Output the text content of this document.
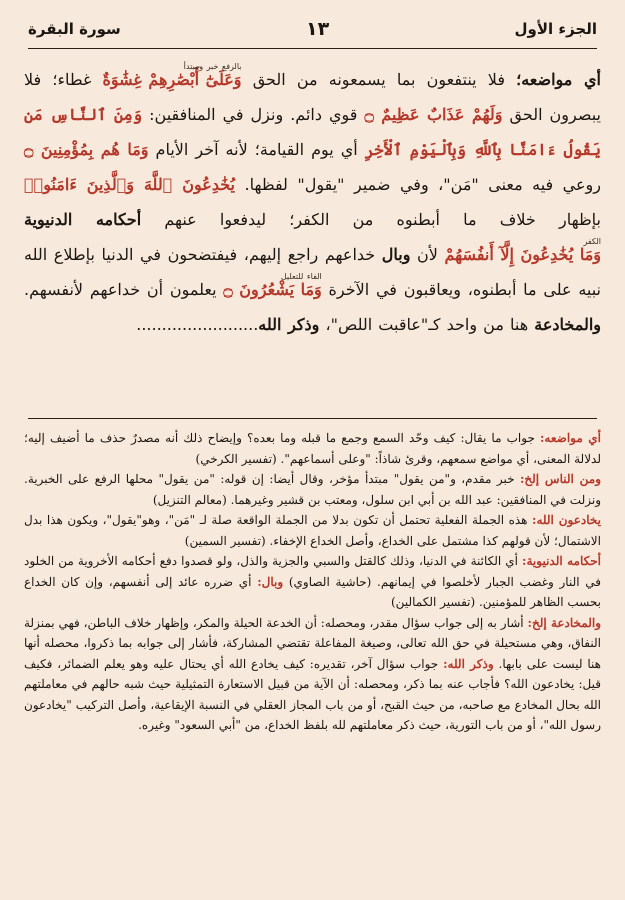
الجزء الأول
١٣
سورة البقرة

أي مواضعه؛ فلا ينتفعون بما يسمعونه من الحق
بالرفع خبر ومبتدأ
وَعَلَىٰٓ أَبْصَٰرِهِمْ غِشَٰوَةٌ غطاء؛ فلا يبصرون الحق وَلَهُمْ عَذَابٌ عَظِيمٌ ۝ قوي دائم. ونزل في المنافقين: وَمِنَ ٱلنَّاسِ مَن يَقُولُ ءَامَنَّا بِٱللَّهِ وَبِٱلْيَوْمِ ٱلْأَخِرِ أي يوم القيامة؛ لأنه آخر الأيام وَمَا هُم بِمُؤْمِنِينَ ۝ روعي فيه معنى "مَن"، وفي ضمير "يقول" لفظها. يُخَٰدِعُونَ ٱللَّهَ وَٱلَّذِينَ ءَامَنُوا۟ بإظهار خلاف ما أبطنوه من الكفر؛ ليدفعوا عنهم أحكامه الدنيوية
الكفر
وَمَا يُخَٰدِعُونَ إِلَّآ أَنفُسَهُمْ لأن وبال خداعهم راجع إليهم، فيفتضحون في الدنيا بإطلاع الله نبيه على ما أبطنوه، ويعاقبون في الآخرة
الفاء للتعليل
وَمَا يَشْعُرُونَ ۝ يعلمون أن خداعهم لأنفسهم. والمخادعة هنا من واحد كـ"عاقبت اللص"، وذكر الله........................

أي مواضعه: جواب ما يقال: كيف وحّد السمع وجمع ما قبله وما بعده؟ وإيضاح ذلك أنه مصدرٌ حذف ما أضيف إليه؛ لدلالة المعنى، أي مواضع سمعهم، وقرئ شاذاً: "وعلى أسماعهم". (تفسير الكرخي)

ومن الناس إلخ: خبر مقدم، و"من يقول" مبتدأ مؤخر، وقال أيضا: إن قوله: "من يقول" محلها الرفع على الخبرية. ونزلت في المنافقين: عبد الله بن أبي ابن سلول، ومعتب بن قشير وغيرهما. (معالم التنزيل)

يخادعون الله: هذه الجملة الفعلية تحتمل أن تكون بدلا من الجملة الواقعة صلة لـ "مَن"، وهو"يقول"، ويكون هذا بدل الاشتمال؛ لأن قولهم كذا مشتمل على الخداع، وأصل الخداع الإخفاء. (تفسير السمين)

أحكامه الدنيوية: أي الكائنة في الدنيا، وذلك كالقتل والسبي والجزية والذل، ولو قصدوا دفع أحكامه الأخروية من الخلود في النار وغضب الجبار لأخلصوا في إيمانهم. (حاشية الصاوي) وبال: أي ضرره عائد إلى أنفسهم، وإن كان الخداع بحسب الظاهر للمؤمنين. (تفسير الكمالين)

والمخادعة إلخ: أشار به إلى جواب سؤال مقدر، ومحصله: أن الخدعة الحيلة والمكر، وإظهار خلاف الباطن، فهي بمنزلة النفاق، وهي مستحيلة في حق الله تعالى، وصيغة المفاعلة تقتضي المشاركة، فأشار إلى جوابه بما ذكروا، محصله أنها هنا ليست على بابها. وذكر الله: جواب سؤال آخر، تقديره: كيف يخادع الله أي يحتال عليه وهو يعلم الضمائر، فكيف قيل: يخادعون الله؟ فأجاب عنه بما ذكر، ومحصله: أن الآية من قبيل الاستعارة التمثيلية حيث شبه حالهم في معاملتهم الله بحال المخادع مع صاحبه، من حيث القبح، أو من باب المجاز العقلي في النسبة الإيقاعية، وأصل التركيب "يخادعون رسول الله"، أو من باب التورية، حيث ذكر معاملتهم لله بلفظ الخداع، من "أبي السعود" وغيره.
